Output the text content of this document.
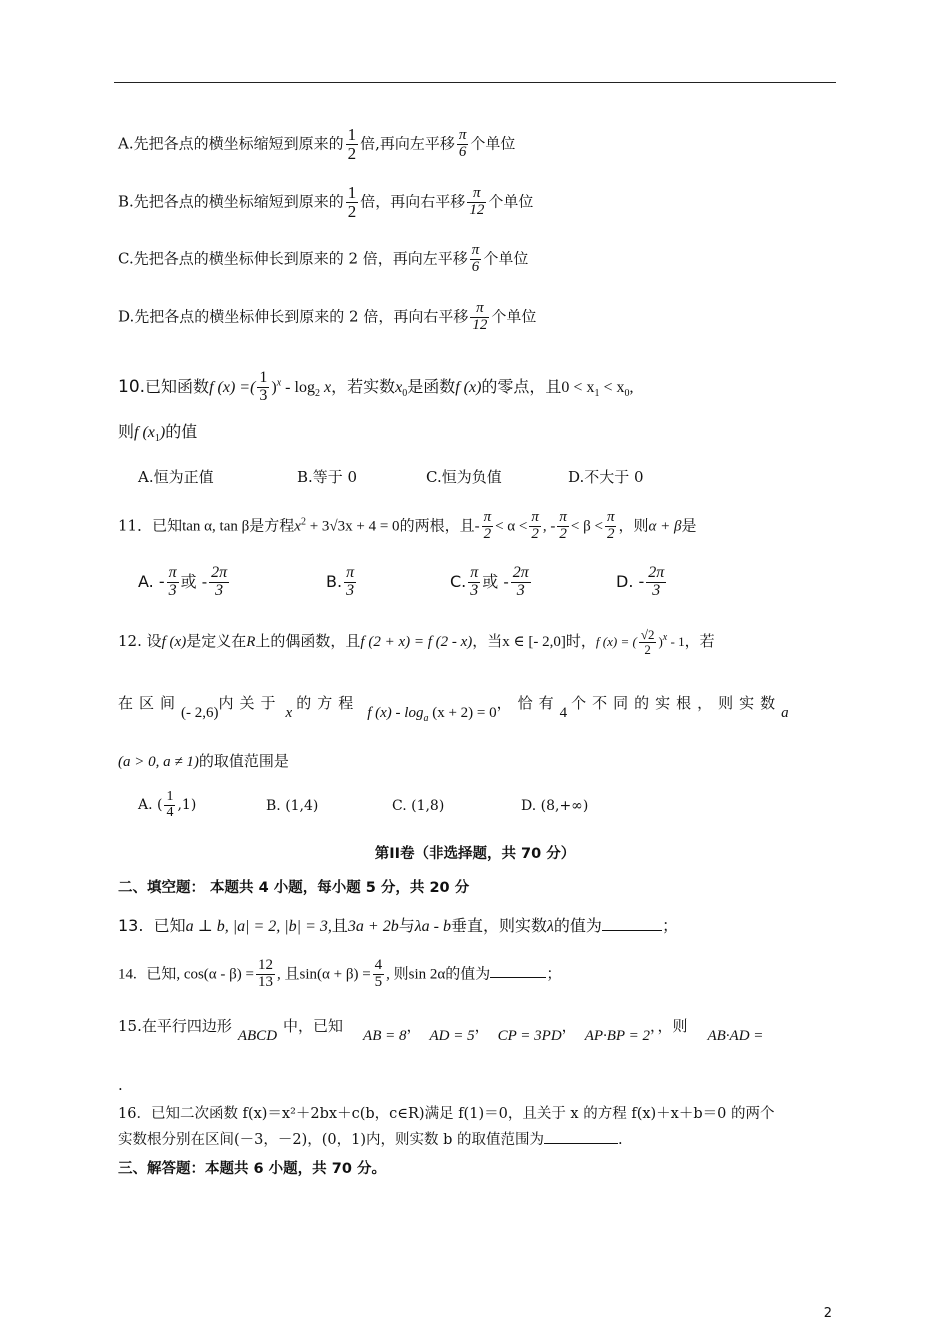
A.先把各点的横坐标缩短到原来的 $\frac{1}{2}$ 倍,再向左平移 $\frac{\pi}{6}$ 个单位
B.先把各点的横坐标缩短到原来的 $\frac{1}{2}$ 倍，再向右平移 $\frac{\pi}{12}$ 个单位
C.先把各点的横坐标伸长到原来的 2 倍，再向左平移 $\frac{\pi}{6}$ 个单位
D.先把各点的横坐标伸长到原来的 2 倍，再向右平移 $\frac{\pi}{12}$ 个单位
10.已知函数f (x) =( $\frac{1}{3} )^x - \log_2 x$，若实数$x_0$是函数f (x)的零点，且$0 < x_1 < x_0$,
则f $(x_1)$的值
A.恒为正值	B.等于 0	C.恒为负值	D.不大于 0
11．已知tan α, tan β是方程$x^2 + 3√3x + 4 = 0$的两根，且- $\frac{\pi}{2} < \alpha < \frac{\pi}{2}$ , - $\frac{\pi}{2} < \beta < \frac{\pi}{2}$ ，则α + β是
A. - $\frac{\pi}{3}$ 或 - $\frac{2\pi}{3}$	B. $\frac{\pi}{3}$	C. $\frac{\pi}{3}$ 或 - $\frac{2\pi}{3}$	D. - $\frac{2\pi}{3}$
12. 设f (x)是定义在R上的偶函数，且f (2 + x) = f (2 - x)，当x ∈ [- 2,0]时，f (x) = ( $\frac{√2}{2} )^x - 1$，若
在区间(- 2,6)内关于x的方程f $(x) - \log_a (x + 2) = 0$，恰有4个不同的实根，则实数a
(a > 0, a ≠ 1)的取值范围是
A. ( $\frac{1}{4} ,1$)	B. (1,4)	C. (1,8)	D. (8,+∞)
第II卷（非选择题，共 70 分）
二、填空题： 本题共 4 小题，每小题 5 分，共 20 分
13. 已知a ⊥ b, |a| = 2, |b| = 3,且3a + 2b与λa - b垂直，则实数λ的值为	；
14. 已知, $\cos(\alpha - \beta) = \frac{12}{13}$ , 且$\sin(\alpha + \beta) = \frac{4}{5}$ , 则sin 2α的值为	；
15.在平行四边形ABCD中，已知AB = 8，AD = 5，CP = 3PD，AP·BP = 2，，则AB·AD =
.
16．已知二次函数 f(x)＝x²＋2bx＋c(b，c∈R)满足 f(1)＝0，且关于 x 的方程 f(x)＋x＋b＝0 的两个
实数根分别在区间(－3，－2)，(0，1)内，则实数 b 的取值范围为	.
三、解答题：本题共 6 小题，共 70 分。
2
